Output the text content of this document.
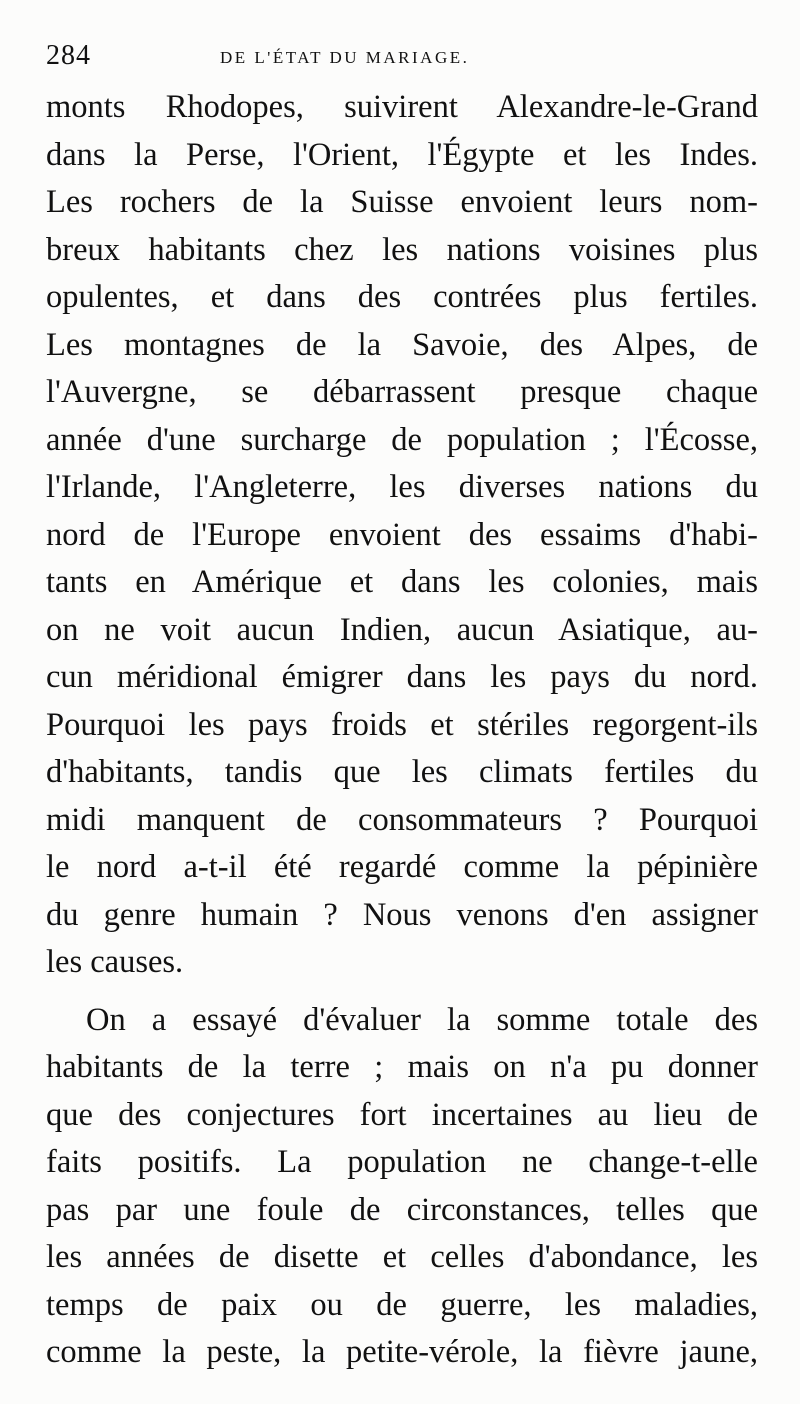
284	DE L'ÉTAT DU MARIAGE.
monts Rhodopes, suivirent Alexandre-le-Grand
dans la Perse, l'Orient, l'Égypte et les Indes.
Les rochers de la Suisse envoient leurs nom-
breux habitants chez les nations voisines plus
opulentes, et dans des contrées plus fertiles.
Les montagnes de la Savoie, des Alpes, de
l'Auvergne, se débarrassent presque chaque
année d'une surcharge de population ; l'Écosse,
l'Irlande, l'Angleterre, les diverses nations du
nord de l'Europe envoient des essaims d'habi-
tants en Amérique et dans les colonies, mais
on ne voit aucun Indien, aucun Asiatique, au-
cun méridional émigrer dans les pays du nord.
Pourquoi les pays froids et stériles regorgent-ils
d'habitants, tandis que les climats fertiles du
midi manquent de consommateurs ? Pourquoi
le nord a-t-il été regardé comme la pépinière
du genre humain ? Nous venons d'en assigner
les causes.
On a essayé d'évaluer la somme totale des
habitants de la terre ; mais on n'a pu donner
que des conjectures fort incertaines au lieu de
faits positifs. La population ne change-t-elle
pas par une foule de circonstances, telles que
les années de disette et celles d'abondance, les
temps de paix ou de guerre, les maladies,
comme la peste, la petite-vérole, la fièvre jaune,
